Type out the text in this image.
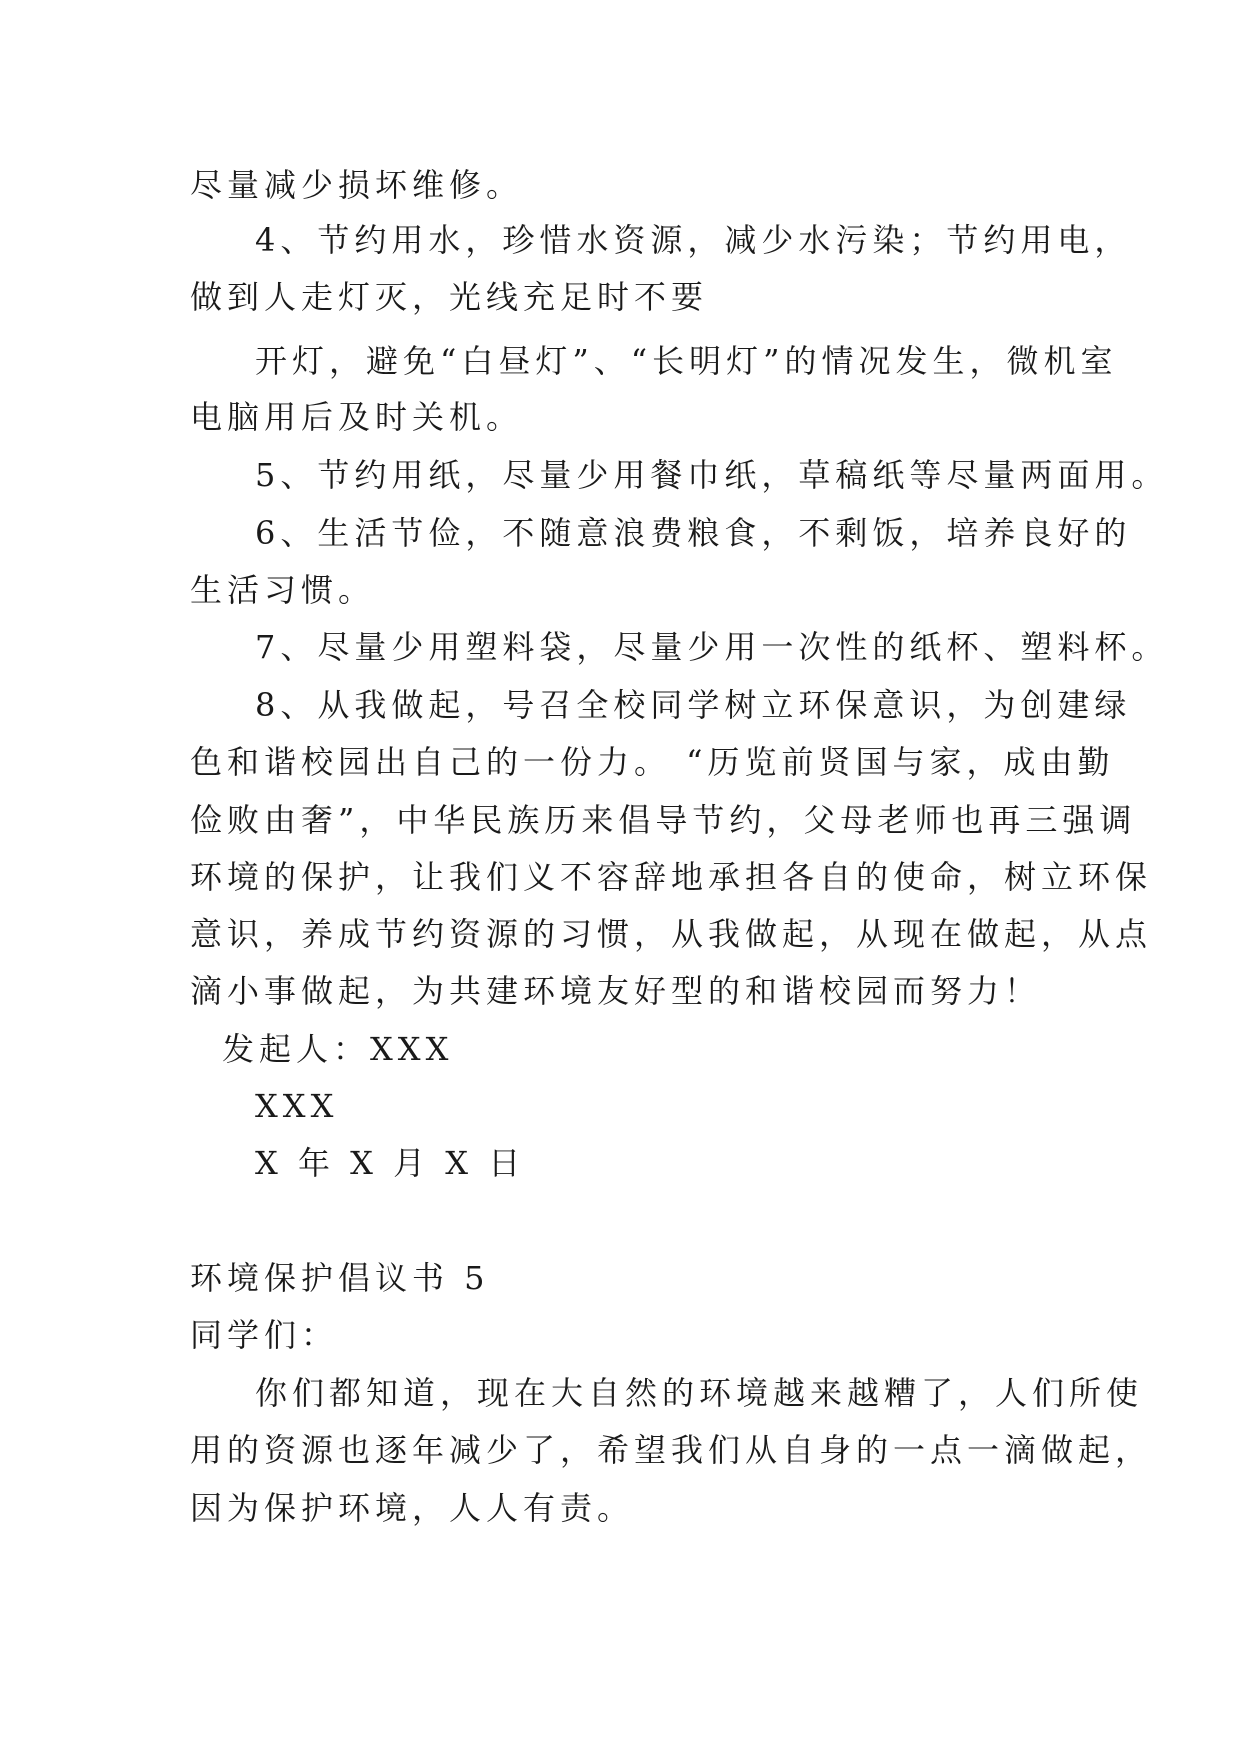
尽量减少损坏维修。

4、节约用水，珍惜水资源，减少水污染；节约用电，

做到人走灯灭，光线充足时不要

开灯，避免“白昼灯”、“长明灯”的情况发生，微机室

电脑用后及时关机。

5、节约用纸，尽量少用餐巾纸，草稿纸等尽量两面用。

6、生活节俭，不随意浪费粮食，不剩饭，培养良好的

生活习惯。

7、尽量少用塑料袋，尽量少用一次性的纸杯、塑料杯。

8、从我做起，号召全校同学树立环保意识，为创建绿

色和谐校园出自己的一份力。 “历览前贤国与家，成由勤

俭败由奢”，中华民族历来倡导节约，父母老师也再三强调

环境的保护，让我们义不容辞地承担各自的使命，树立环保

意识，养成节约资源的习惯，从我做起，从现在做起，从点

滴小事做起，为共建环境友好型的和谐校园而努力！

发起人：XXX

XXX

X 年 X 月 X 日

环境保护倡议书 5

同学们：

你们都知道，现在大自然的环境越来越糟了，人们所使

用的资源也逐年减少了，希望我们从自身的一点一滴做起，

因为保护环境，人人有责。
